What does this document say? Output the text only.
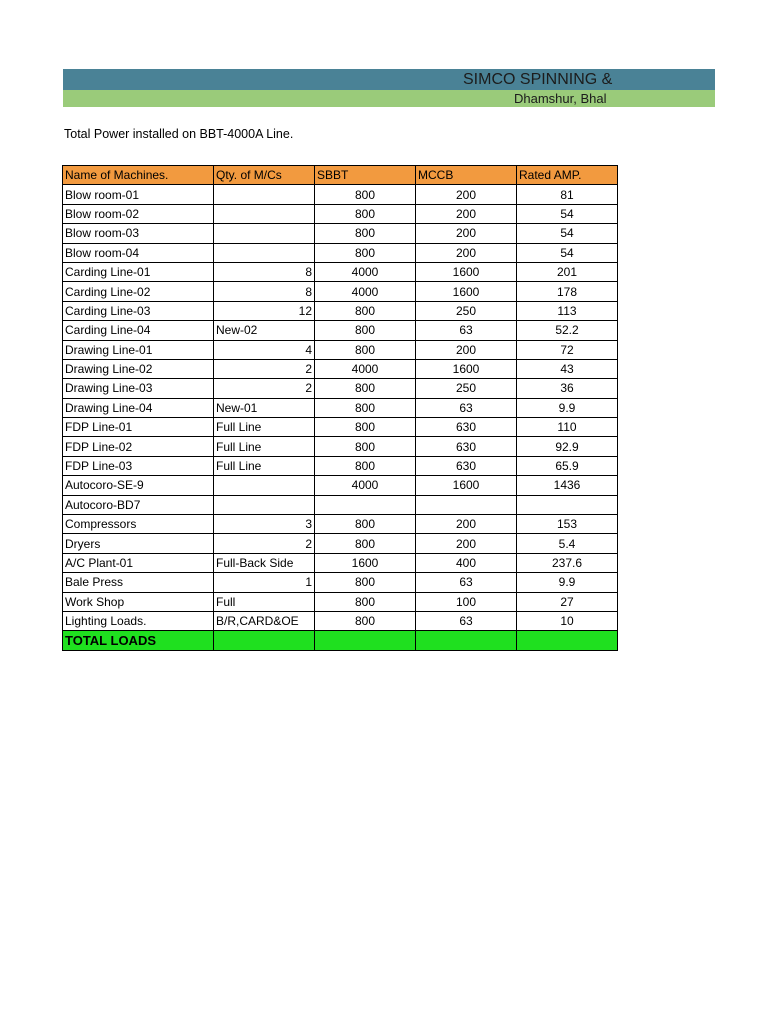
SIMCO SPINNING &
Dhamshur, Bhal
Total Power installed on BBT-4000A Line.
Name of Machines.	Qty. of M/Cs	SBBT	MCCB	Rated AMP.
Blow room-01		800	200	81
Blow room-02		800	200	54
Blow room-03		800	200	54
Blow room-04		800	200	54
Carding Line-01	8	4000	1600	201
Carding Line-02	8	4000	1600	178
Carding Line-03	12	800	250	113
Carding Line-04	New-02	800	63	52.2
Drawing Line-01	4	800	200	72
Drawing Line-02	2	4000	1600	43
Drawing Line-03	2	800	250	36
Drawing Line-04	New-01	800	63	9.9
FDP Line-01	Full Line	800	630	110
FDP Line-02	Full Line	800	630	92.9
FDP Line-03	Full Line	800	630	65.9
Autocoro-SE-9		4000	1600	1436
Autocoro-BD7				
Compressors	3	800	200	153
Dryers	2	800	200	5.4
A/C Plant-01	Full-Back Side	1600	400	237.6
Bale Press	1	800	63	9.9
Work Shop	Full	800	100	27
Lighting Loads.	B/R,CARD&OE	800	63	10
TOTAL LOADS				
